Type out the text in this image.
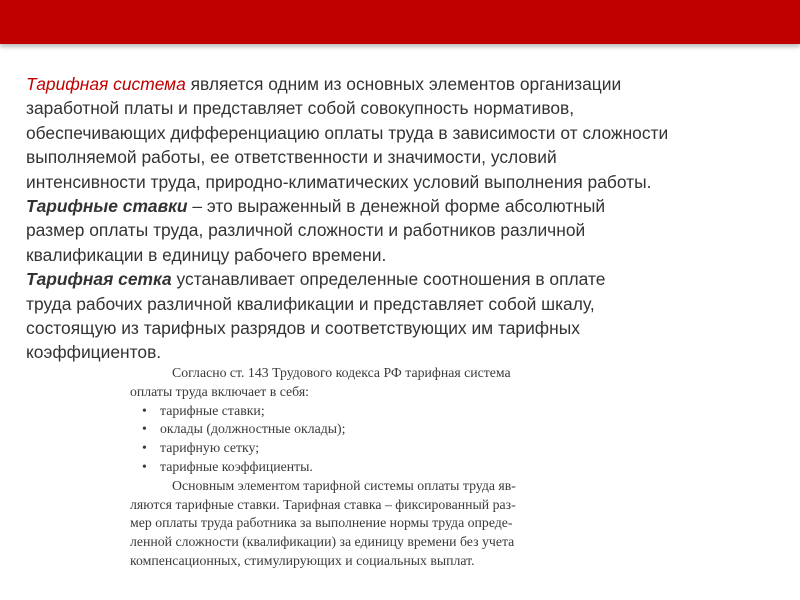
Тарифная система является одним из основных элементов организации
заработной платы и представляет собой совокупность нормативов,
обеспечивающих дифференциацию оплаты труда в зависимости от сложности
выполняемой работы, ее ответственности и значимости, условий
интенсивности труда, природно-климатических условий выполнения работы.

Тарифные ставки – это выраженный в денежной форме абсолютный
размер оплаты труда, различной сложности и работников различной
квалификации в единицу рабочего времени.

Тарифная сетка устанавливает определенные соотношения в оплате
труда рабочих различной квалификации и представляет собой шкалу,
состоящую из тарифных разрядов и соответствующих им тарифных
коэффициентов.

Согласно ст. 143 Трудового кодекса РФ тарифная система
оплаты труда включает в себя:
• тарифные ставки;
• оклады (должностные оклады);
• тарифную сетку;
• тарифные коэффициенты.
Основным элементом тарифной системы оплаты труда яв-
ляются тарифные ставки. Тарифная ставка – фиксированный раз-
мер оплаты труда работника за выполнение нормы труда опреде-
ленной сложности (квалификации) за единицу времени без учета
компенсационных, стимулирующих и социальных выплат.
